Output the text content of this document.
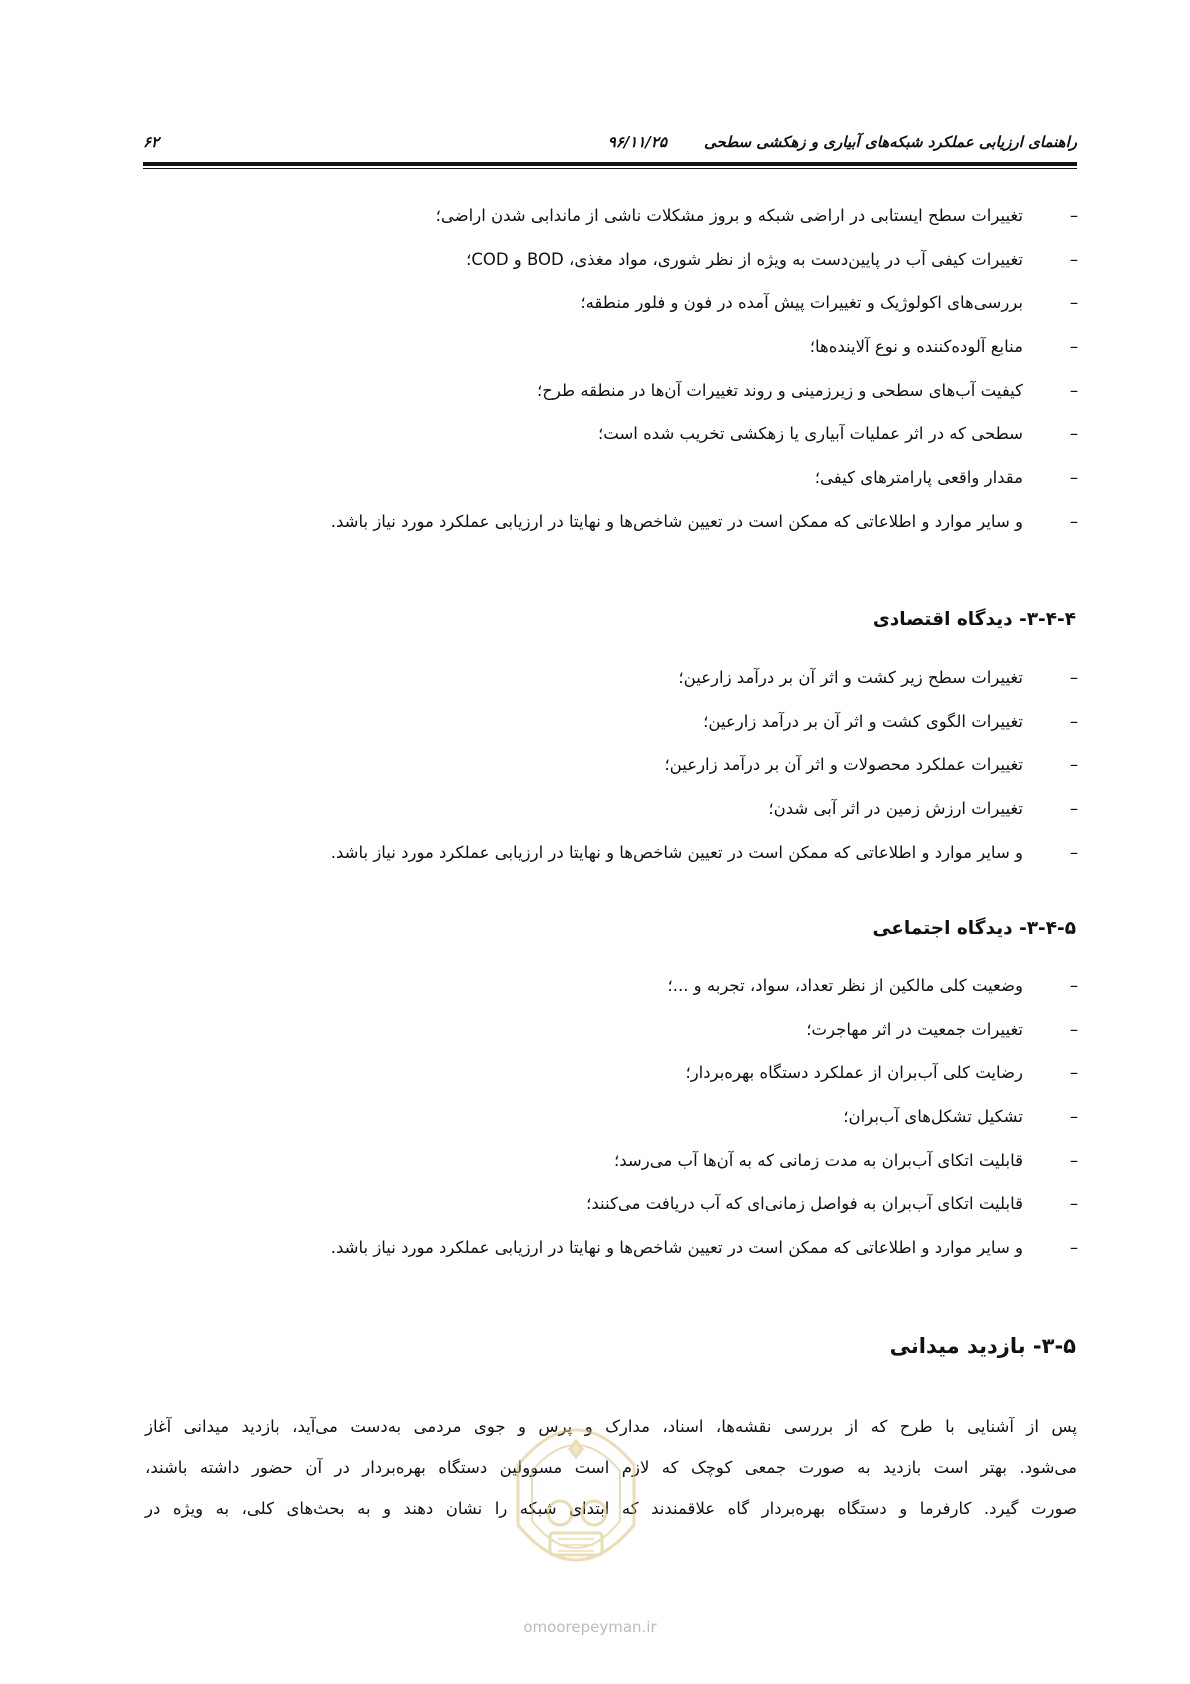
۶۲	۹۶/۱۱/۲۵ راهنمای ارزیابی عملکرد شبکه‌های آبیاری و زهکشی سطحی
–
تغییرات سطح ایستابی در اراضی شبکه و بروز مشکلات ناشی از ماندابی شدن اراضی؛
–
تغییرات کیفی آب در پایین‌دست به ویژه از نظر شوری، مواد مغذی، BOD و COD؛
–
بررسی‌های اکولوژیک و تغییرات پیش آمده در فون و فلور منطقه؛
–
منابع آلوده‌کننده و نوع آلاینده‌ها؛
–
کیفیت آب‌های سطحی و زیرزمینی و روند تغییرات آن‌ها در منطقه طرح؛
–
سطحی که در اثر عملیات آبیاری یا زهکشی تخریب شده است؛
–
مقدار واقعی پارامترهای کیفی؛
–
و سایر موارد و اطلاعاتی که ممکن است در تعیین شاخص‌ها و نهایتا در ارزیابی عملکرد مورد نیاز باشد.
۳-۴-۴- دیدگاه اقتصادی
–
تغییرات سطح زیر کشت و اثر آن بر درآمد زارعین؛
–
تغییرات الگوی کشت و اثر آن بر درآمد زارعین؛
–
تغییرات عملکرد محصولات و اثر آن بر درآمد زارعین؛
–
تغییرات ارزش زمین در اثر آبی شدن؛
–
و سایر موارد و اطلاعاتی که ممکن است در تعیین شاخص‌ها و نهایتا در ارزیابی عملکرد مورد نیاز باشد.
۳-۴-۵- دیدگاه اجتماعی
–
وضعیت کلی مالکین از نظر تعداد، سواد، تجربه و ...؛
–
تغییرات جمعیت در اثر مهاجرت؛
–
رضایت کلی آب‌بران از عملکرد دستگاه بهره‌بردار؛
–
تشکیل تشکل‌های آب‌بران؛
–
قابلیت اتکای آب‌بران به مدت زمانی که به آن‌ها آب می‌رسد؛
–
قابلیت اتکای آب‌بران به فواصل زمانی‌ای که آب دریافت می‌کنند؛
–
و سایر موارد و اطلاعاتی که ممکن است در تعیین شاخص‌ها و نهایتا در ارزیابی عملکرد مورد نیاز باشد.
۳-۵- بازدید میدانی
پس از آشنایی با طرح که از بررسی نقشه‌ها، اسناد، مدارک و پرس و جوی مردمی به‌دست می‌آید، بازدید میدانی آغاز
می‌شود. بهتر است بازدید به صورت جمعی کوچک که لازم است مسوولین دستگاه بهره‌بردار در آن حضور داشته باشند،
صورت گیرد. کارفرما و دستگاه بهره‌بردار گاه علاقمندند که ابتدای شبکه را نشان دهند و به بحث‌های کلی، به ویژه در
omoorepeyman.ir
